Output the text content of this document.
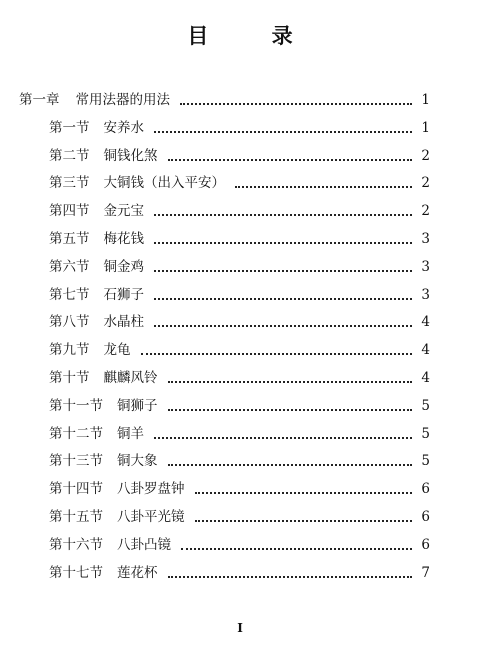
目 录
第一章 常用法器的用法	1
第一节 安养水	1
第二节 铜钱化煞	2
第三节 大铜钱（出入平安）	2
第四节 金元宝	2
第五节 梅花钱	3
第六节 铜金鸡	3
第七节 石狮子	3
第八节 水晶柱	4
第九节 龙龟	4
第十节 麒麟风铃	4
第十一节 铜狮子	5
第十二节 铜羊	5
第十三节 铜大象	5
第十四节 八卦罗盘钟	6
第十五节 八卦平光镜	6
第十六节 八卦凸镜	6
第十七节 莲花杯	7
I
